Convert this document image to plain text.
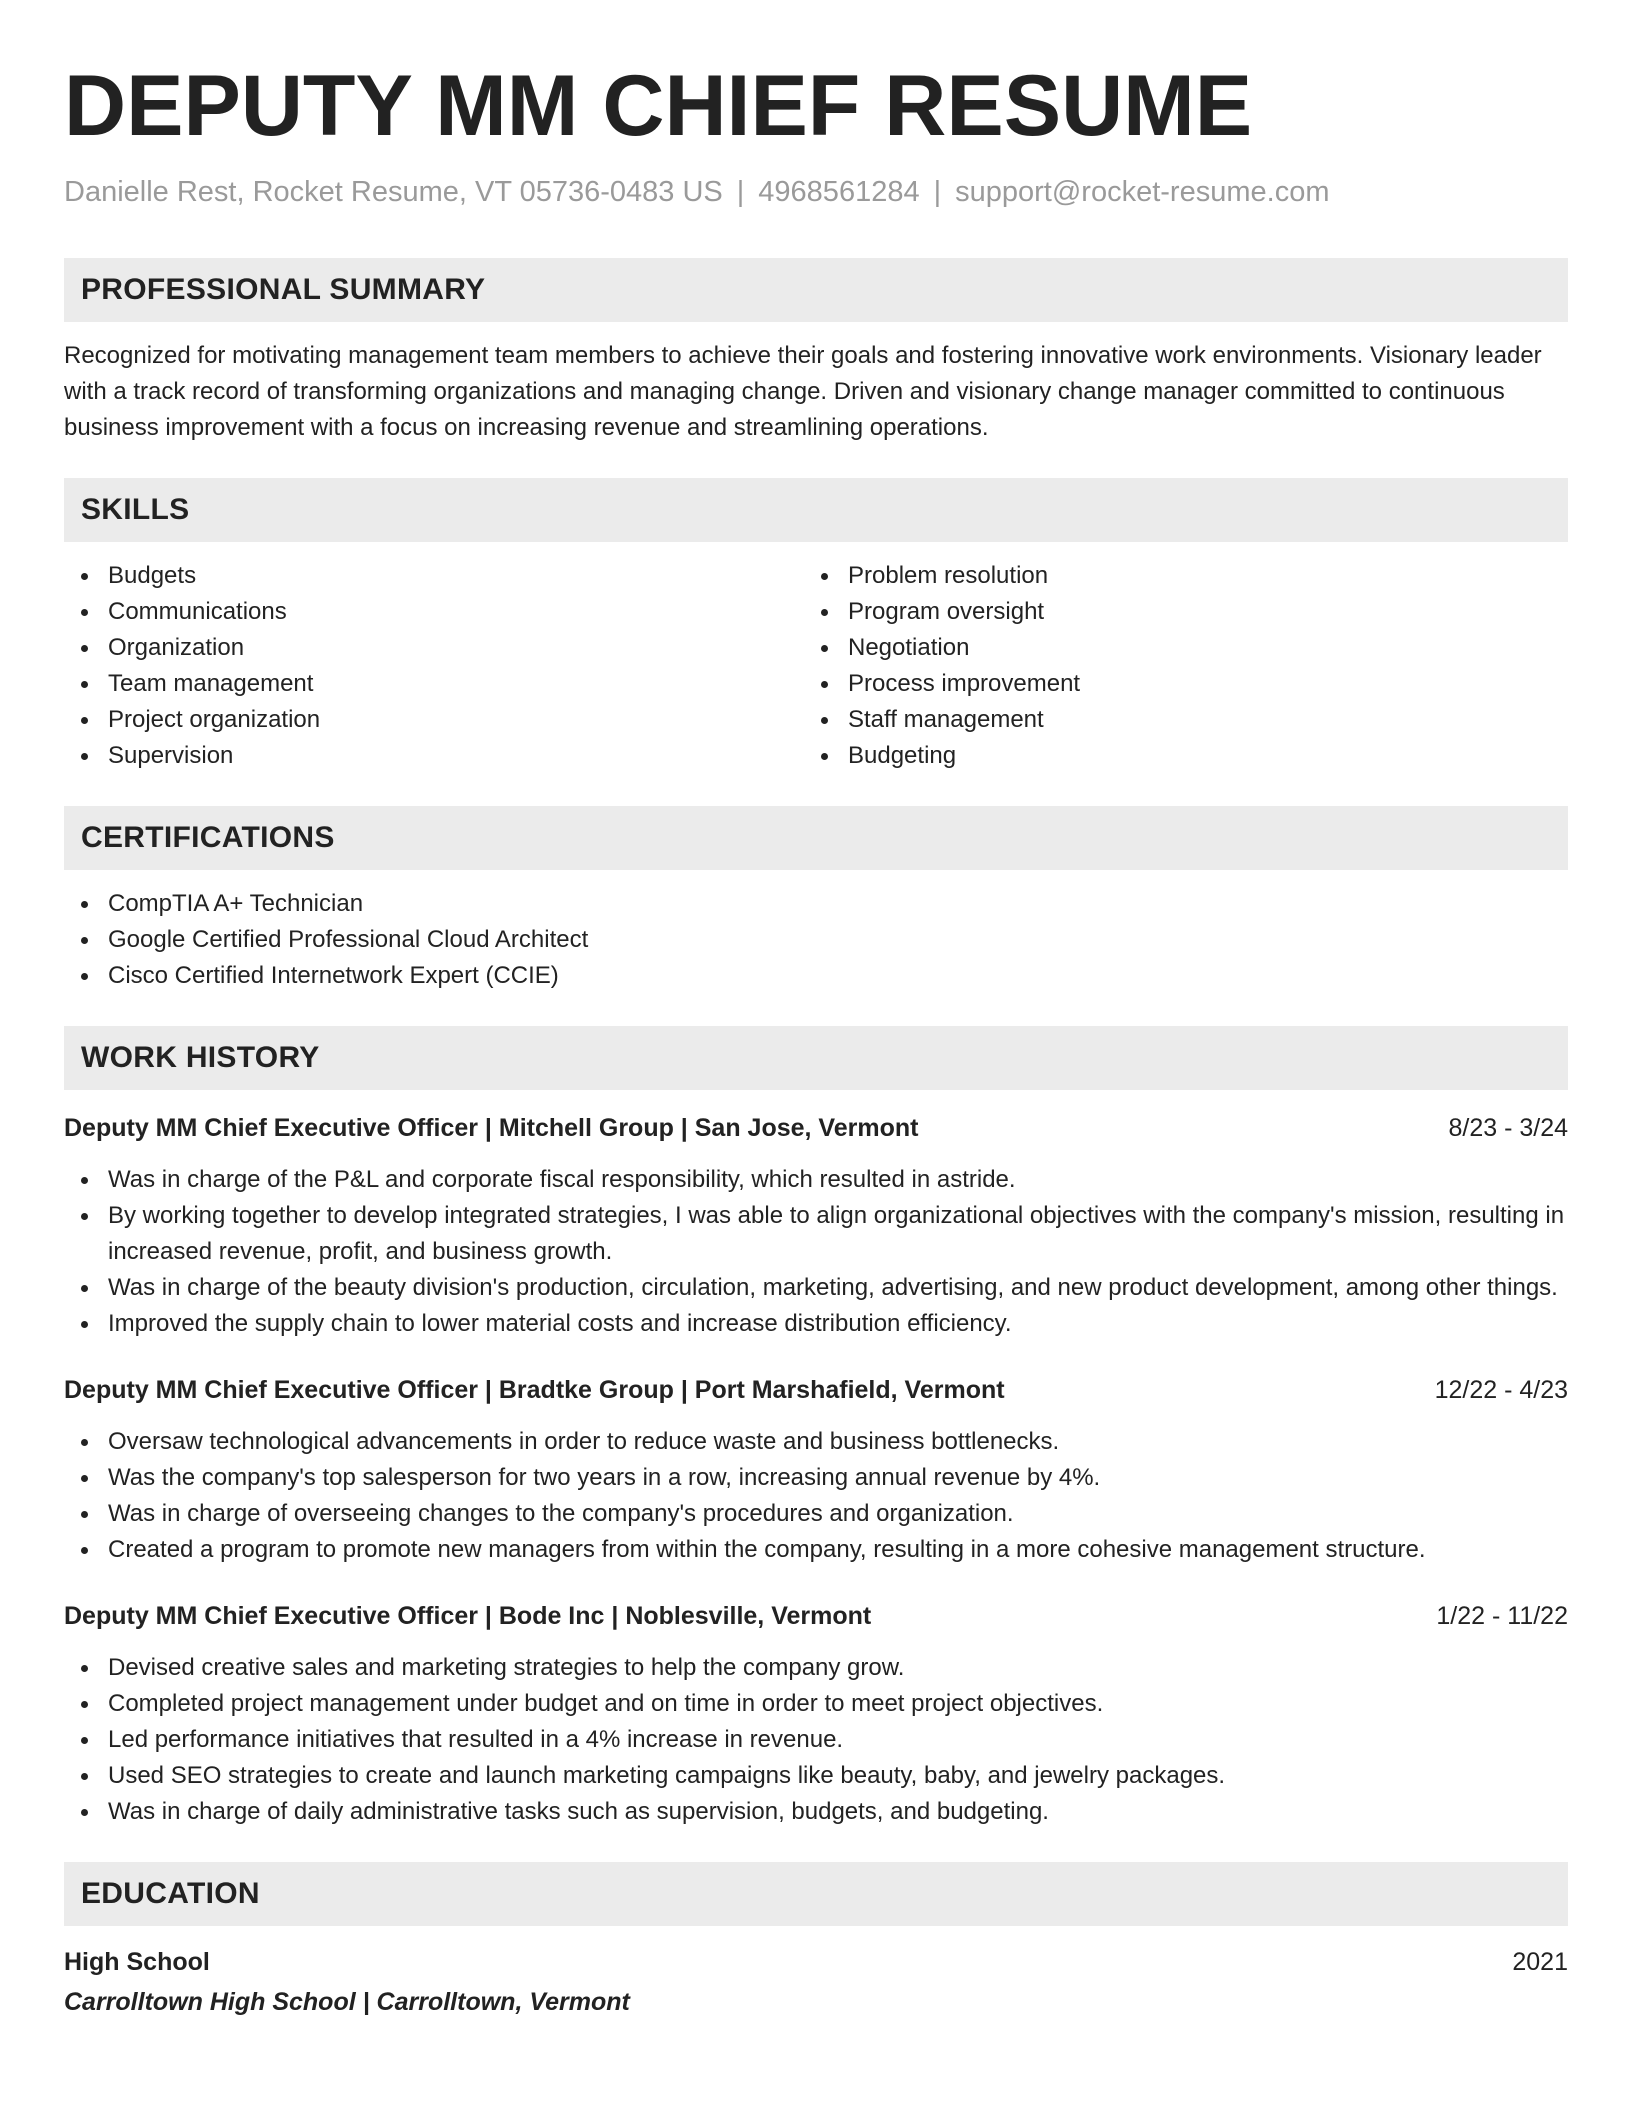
DEPUTY MM CHIEF RESUME
Danielle Rest, Rocket Resume, VT 05736-0483 US | 4968561284 | support@rocket-resume.com
PROFESSIONAL SUMMARY
Recognized for motivating management team members to achieve their goals and fostering innovative work environments. Visionary leader with a track record of transforming organizations and managing change. Driven and visionary change manager committed to continuous business improvement with a focus on increasing revenue and streamlining operations.
SKILLS
Budgets
Communications
Organization
Team management
Project organization
Supervision
Problem resolution
Program oversight
Negotiation
Process improvement
Staff management
Budgeting
CERTIFICATIONS
CompTIA A+ Technician
Google Certified Professional Cloud Architect
Cisco Certified Internetwork Expert (CCIE)
WORK HISTORY
Deputy MM Chief Executive Officer | Mitchell Group | San Jose, Vermont	8/23 - 3/24
Was in charge of the P&L and corporate fiscal responsibility, which resulted in astride.
By working together to develop integrated strategies, I was able to align organizational objectives with the company's mission, resulting in increased revenue, profit, and business growth.
Was in charge of the beauty division's production, circulation, marketing, advertising, and new product development, among other things.
Improved the supply chain to lower material costs and increase distribution efficiency.
Deputy MM Chief Executive Officer | Bradtke Group | Port Marshafield, Vermont	12/22 - 4/23
Oversaw technological advancements in order to reduce waste and business bottlenecks.
Was the company's top salesperson for two years in a row, increasing annual revenue by 4%.
Was in charge of overseeing changes to the company's procedures and organization.
Created a program to promote new managers from within the company, resulting in a more cohesive management structure.
Deputy MM Chief Executive Officer | Bode Inc | Noblesville, Vermont	1/22 - 11/22
Devised creative sales and marketing strategies to help the company grow.
Completed project management under budget and on time in order to meet project objectives.
Led performance initiatives that resulted in a 4% increase in revenue.
Used SEO strategies to create and launch marketing campaigns like beauty, baby, and jewelry packages.
Was in charge of daily administrative tasks such as supervision, budgets, and budgeting.
EDUCATION
High School	2021
Carrolltown High School | Carrolltown, Vermont
